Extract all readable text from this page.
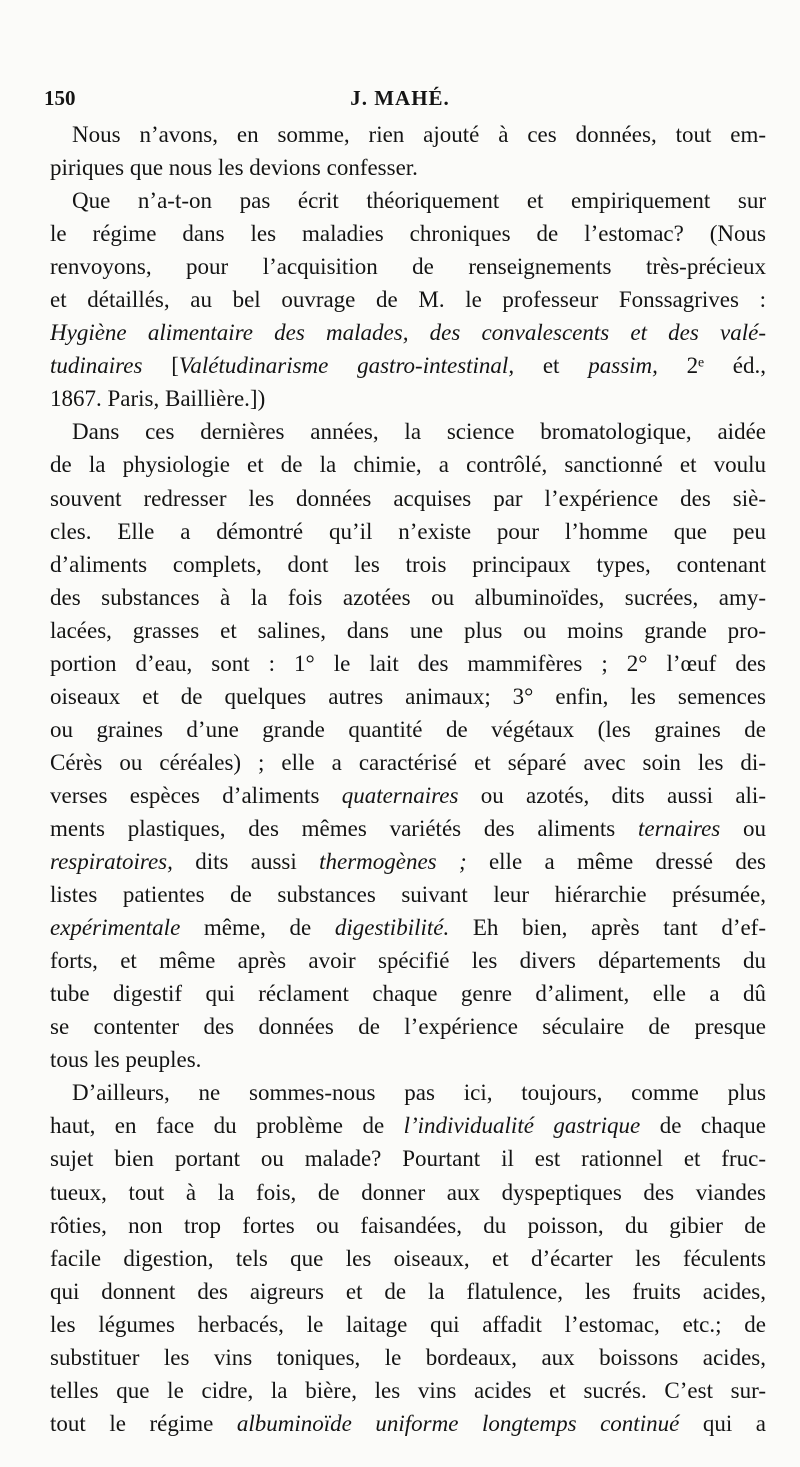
150	J. MAHÉ.
Nous n’avons, en somme, rien ajouté à ces données, tout em-
piriques que nous les devions confesser.
Que n’a-t-on pas écrit théoriquement et empiriquement sur
le régime dans les maladies chroniques de l’estomac? (Nous
renvoyons, pour l’acquisition de renseignements très-précieux
et détaillés, au bel ouvrage de M. le professeur Fonssagrives :
Hygiène alimentaire des malades, des convalescents et des valé-
tudinaires [Valétudinarisme gastro-intestinal, et passim, 2ᵉ éd.,
1867. Paris, Baillière.])
Dans ces dernières années, la science bromatologique, aidée
de la physiologie et de la chimie, a contrôlé, sanctionné et voulu
souvent redresser les données acquises par l’expérience des siè-
cles. Elle a démontré qu’il n’existe pour l’homme que peu
d’aliments complets, dont les trois principaux types, contenant
des substances à la fois azotées ou albuminoïdes, sucrées, amy-
lacées, grasses et salines, dans une plus ou moins grande pro-
portion d’eau, sont : 1° le lait des mammifères ; 2° l’œuf des
oiseaux et de quelques autres animaux; 3° enfin, les semences
ou graines d’une grande quantité de végétaux (les graines de
Cérès ou céréales) ; elle a caractérisé et séparé avec soin les di-
verses espèces d’aliments quaternaires ou azotés, dits aussi ali-
ments plastiques, des mêmes variétés des aliments ternaires ou
respiratoires, dits aussi thermogènes ; elle a même dressé des
listes patientes de substances suivant leur hiérarchie présumée,
expérimentale même, de digestibilité. Eh bien, après tant d’ef-
forts, et même après avoir spécifié les divers départements du
tube digestif qui réclament chaque genre d’aliment, elle a dû
se contenter des données de l’expérience séculaire de presque
tous les peuples.
D’ailleurs, ne sommes-nous pas ici, toujours, comme plus
haut, en face du problème de l’individualité gastrique de chaque
sujet bien portant ou malade? Pourtant il est rationnel et fruc-
tueux, tout à la fois, de donner aux dyspeptiques des viandes
rôties, non trop fortes ou faisandées, du poisson, du gibier de
facile digestion, tels que les oiseaux, et d’écarter les féculents
qui donnent des aigreurs et de la flatulence, les fruits acides,
les légumes herbacés, le laitage qui affadit l’estomac, etc.; de
substituer les vins toniques, le bordeaux, aux boissons acides,
telles que le cidre, la bière, les vins acides et sucrés. C’est sur-
tout le régime albuminoïde uniforme longtemps continué qui a
